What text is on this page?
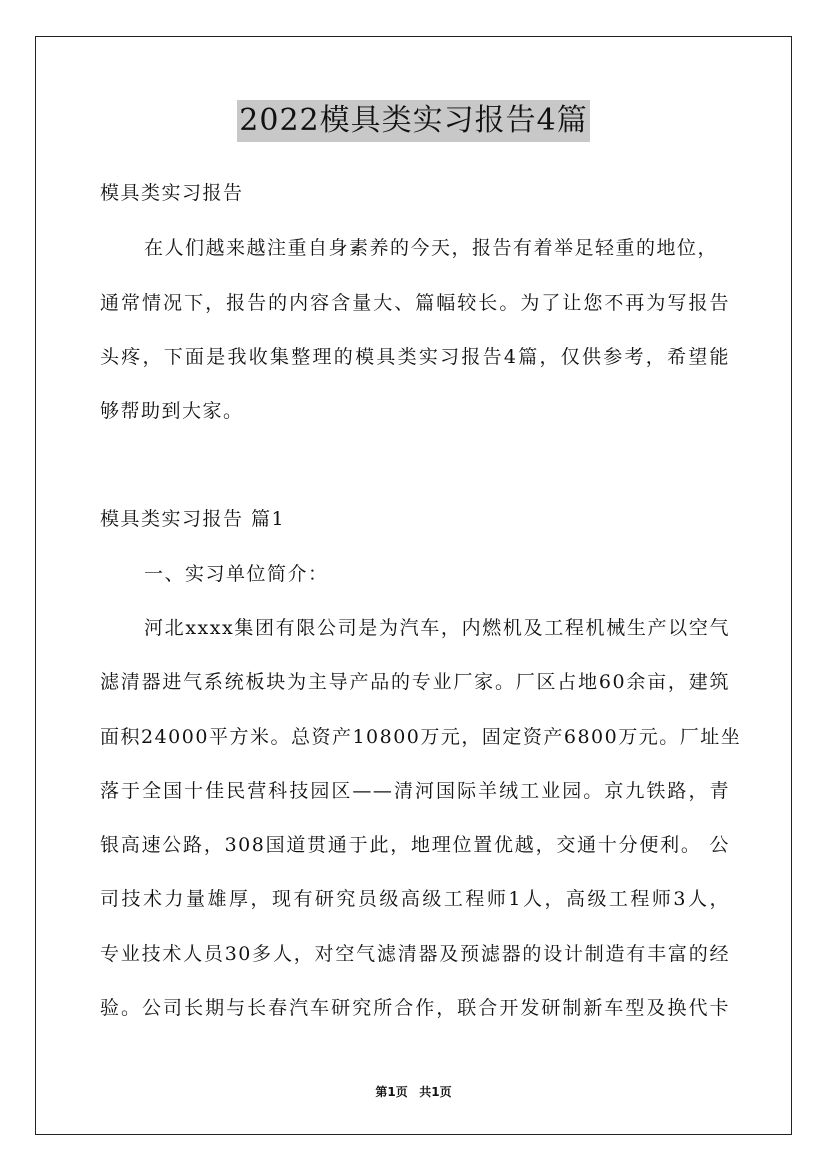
2022模具类实习报告4篇
模具类实习报告
在人们越来越注重自身素养的今天，报告有着举足轻重的地位，
通常情况下，报告的内容含量大、篇幅较长。为了让您不再为写报告
头疼，下面是我收集整理的模具类实习报告4篇，仅供参考，希望能
够帮助到大家。
模具类实习报告 篇1
一、实习单位简介：
河北xxxx集团有限公司是为汽车，内燃机及工程机械生产以空气
滤清器进气系统板块为主导产品的专业厂家。厂区占地60余亩，建筑
面积24000平方米。总资产10800万元，固定资产6800万元。厂址坐
落于全国十佳民营科技园区——清河国际羊绒工业园。京九铁路，青
银高速公路，308国道贯通于此，地理位置优越，交通十分便利。 公
司技术力量雄厚，现有研究员级高级工程师1人，高级工程师3人，
专业技术人员30多人，对空气滤清器及预滤器的设计制造有丰富的经
验。公司长期与长春汽车研究所合作，联合开发研制新车型及换代卡
第1页 共1页
